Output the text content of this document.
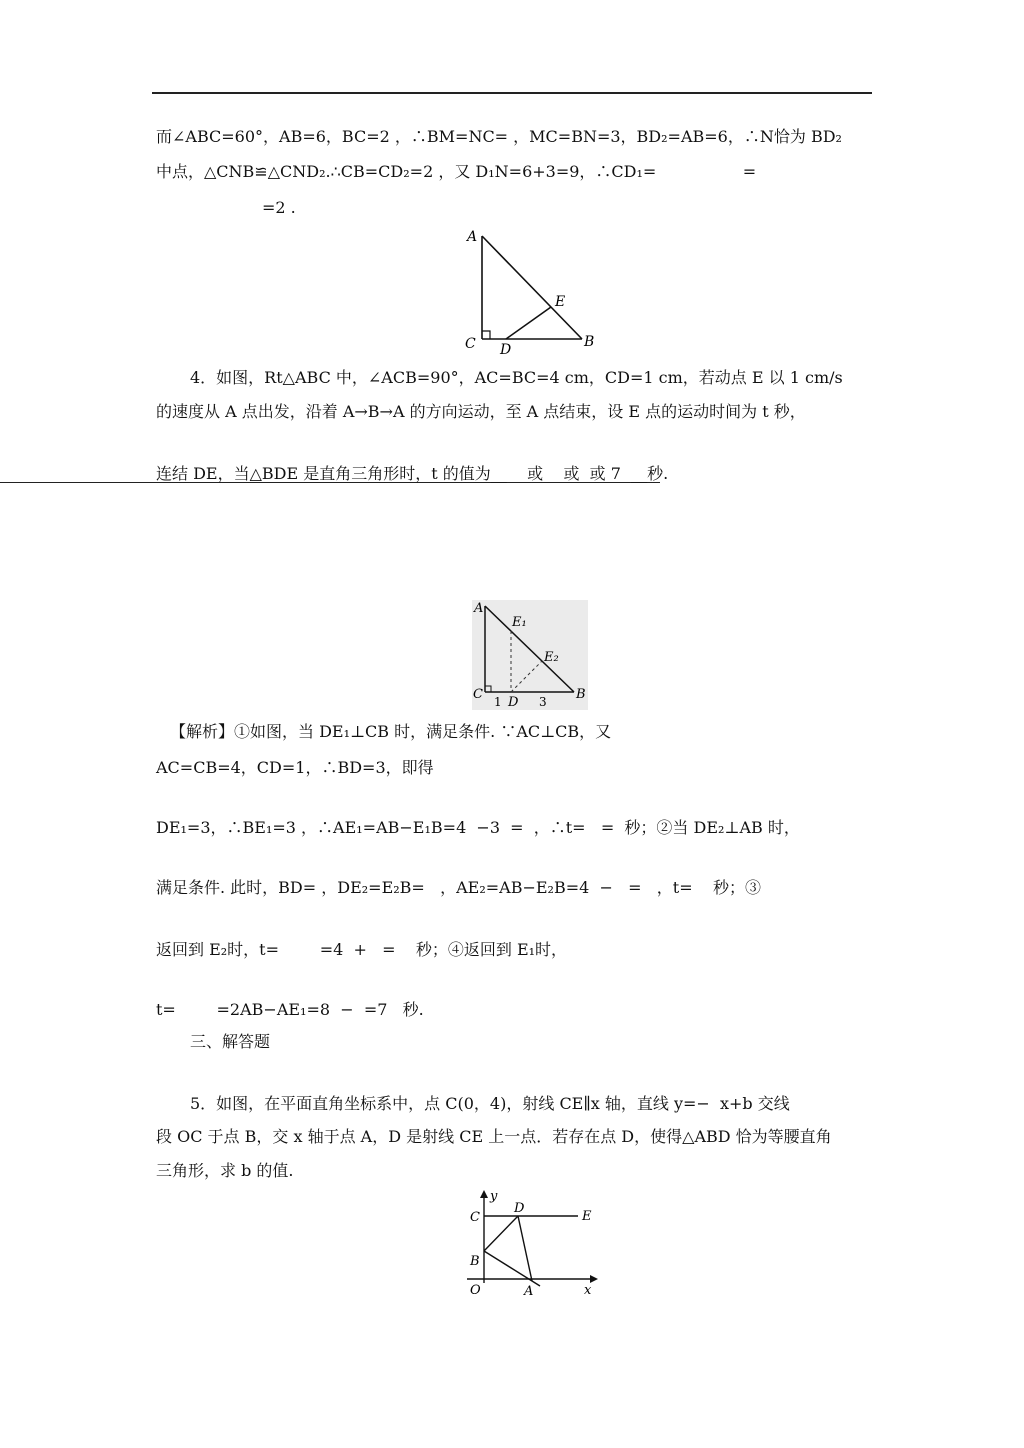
而∠ABC=60°，AB=6，BC=2 ，∴BM=NC= ，MC=BN=3，BD₂=AB=6，∴N恰为 BD₂
中点，△CNB≌△CND₂.∴CB=CD₂=2 ，又 D₁N=6+3=9，∴CD₁=                 =
=2 .
A
E
C D	B
4．如图，Rt△ABC 中，∠ACB=90°，AC=BC=4 cm，CD=1 cm，若动点 E 以 1 cm/s
的速度从 A 点出发，沿着 A→B→A 的方向运动，至 A 点结束，设 E 点的运动时间为 t 秒，
连结 DE，当△BDE 是直角三角形时，t 的值为__    或    或  或 7  __秒.
A
E₁
E₂
C 1 D 3 B
【解析】①如图，当 DE₁⊥CB 时，满足条件. ∵AC⊥CB，又
AC=CB=4，CD=1，∴BD=3，即得
DE₁=3，∴BE₁=3 ，∴AE₁=AB−E₁B=4  −3  =  ，∴t=   =  秒；②当 DE₂⊥AB 时，
满足条件. 此时，BD= ，DE₂=E₂B=   ，AE₂=AB−E₂B=4  −   =   ，t=    秒；③
返回到 E₂时，t=        =4  +   =    秒；④返回到 E₁时，
t=        =2AB−AE₁=8  −  =7   秒.
三、解答题
5．如图，在平面直角坐标系中，点 C(0，4)，射线 CE∥x 轴，直线 y=−  x+b 交线
段 OC 于点 B，交 x 轴于点 A，D 是射线 CE 上一点．若存在点 D，使得△ABD 恰为等腰直角
三角形，求 b 的值.
y
C
D
E
B
O	A	x
